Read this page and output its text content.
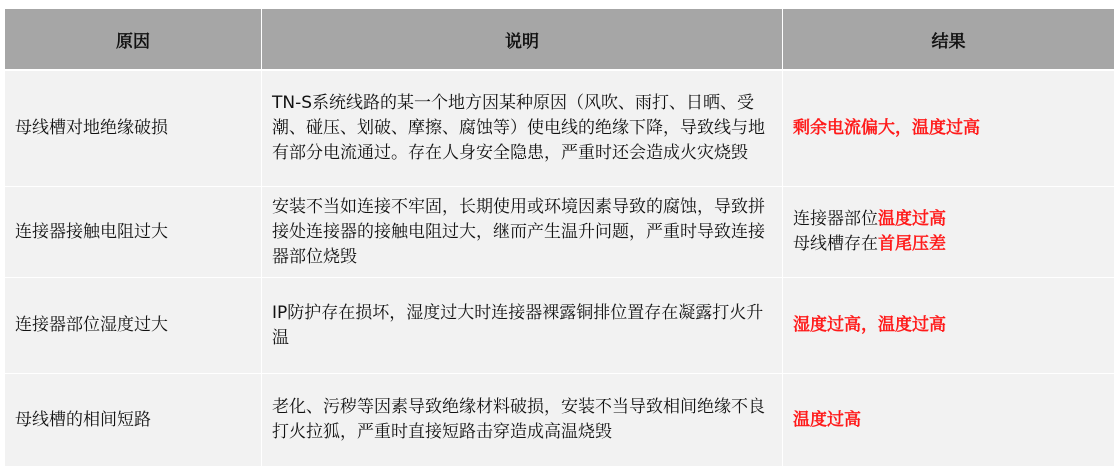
原因	说明	结果
母线槽对地绝缘破损	TN-S系统线路的某一个地方因某种原因（风吹、雨打、日晒、受潮、碰压、划破、摩擦、腐蚀等）使电线的绝缘下降，导致线与地有部分电流通过。存在人身安全隐患，严重时还会造成火灾烧毁	剩余电流偏大，温度过高
连接器接触电阻过大	安装不当如连接不牢固，长期使用或环境因素导致的腐蚀，导致拼接处连接器的接触电阻过大，继而产生温升问题，严重时导致连接器部位烧毁	连接器部位温度过高
母线槽存在首尾压差

连接器部位湿度过大	IP防护存在损坏，湿度过大时连接器裸露铜排位置存在凝露打火升温	湿度过高，温度过高
母线槽的相间短路	老化、污秽等因素导致绝缘材料破损，安装不当导致相间绝缘不良打火拉狐，严重时直接短路击穿造成高温烧毁	温度过高
